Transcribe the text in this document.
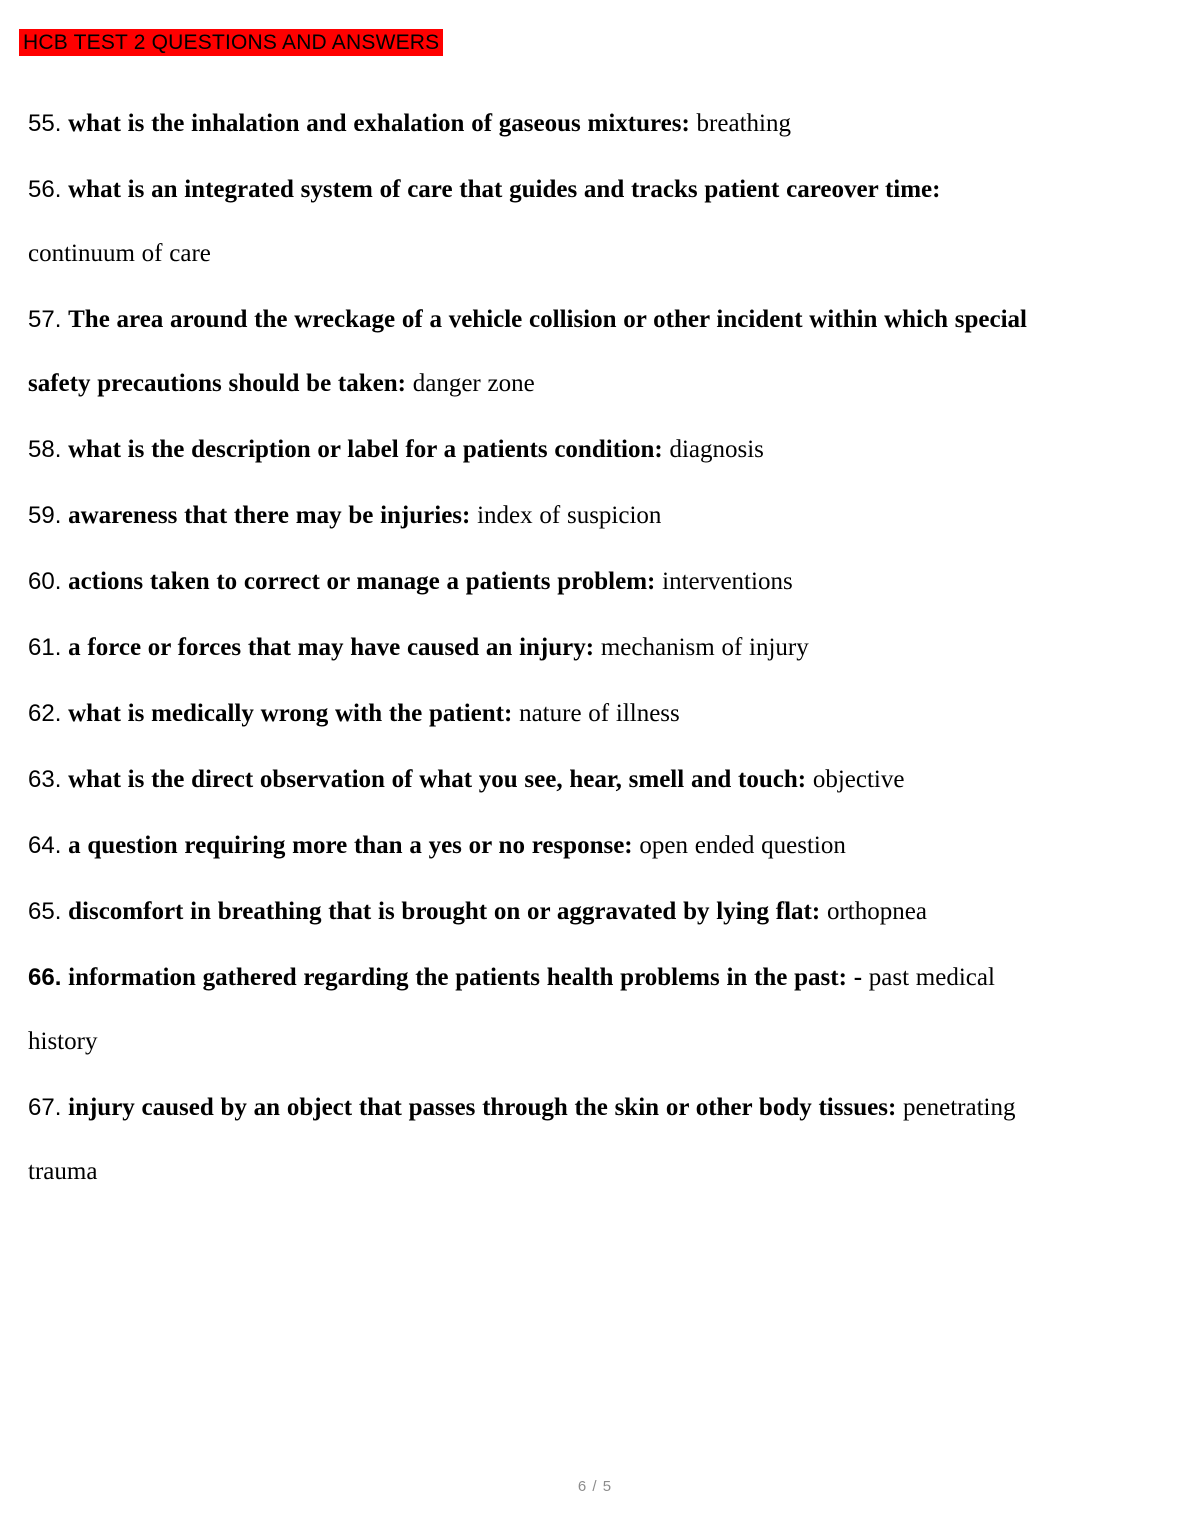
HCB TEST 2 QUESTIONS AND ANSWERS

55. what is the inhalation and exhalation of gaseous mixtures: breathing

56. what is an integrated system of care that guides and tracks patient careover time: continuum of care

57. The area around the wreckage of a vehicle collision or other incident within which special safety precautions should be taken: danger zone

58. what is the description or label for a patients condition: diagnosis

59. awareness that there may be injuries: index of suspicion

60. actions taken to correct or manage a patients problem: interventions

61. a force or forces that may have caused an injury: mechanism of injury

62. what is medically wrong with the patient: nature of illness

63. what is the direct observation of what you see, hear, smell and touch: objective

64. a question requiring more than a yes or no response: open ended question

65. discomfort in breathing that is brought on or aggravated by lying flat: orthopnea

66. information gathered regarding the patients health problems in the past: - past medical history

67. injury caused by an object that passes through the skin or other body tissues: penetrating trauma

6 / 5
